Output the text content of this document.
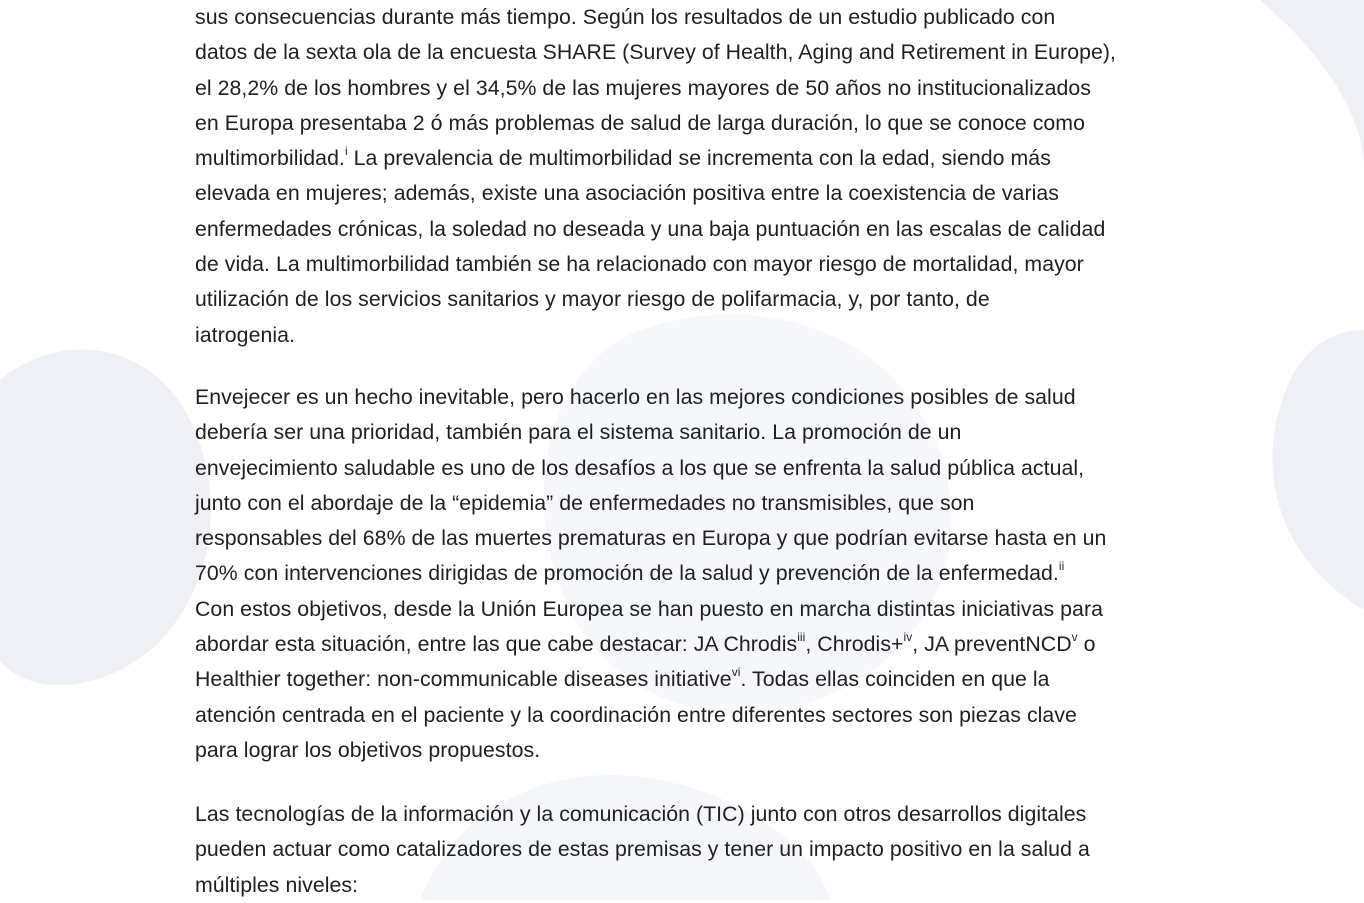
sus consecuencias durante más tiempo. Según los resultados de un estudio publicado con
datos de la sexta ola de la encuesta SHARE (Survey of Health, Aging and Retirement in Europe),
el 28,2% de los hombres y el 34,5% de las mujeres mayores de 50 años no institucionalizados
en Europa presentaba 2 ó más problemas de salud de larga duración, lo que se conoce como
multimorbilidad.$^i$ La prevalencia de multimorbilidad se incrementa con la edad, siendo más
elevada en mujeres; además, existe una asociación positiva entre la coexistencia de varias
enfermedades crónicas, la soledad no deseada y una baja puntuación en las escalas de calidad
de vida. La multimorbilidad también se ha relacionado con mayor riesgo de mortalidad, mayor
utilización de los servicios sanitarios y mayor riesgo de polifarmacia, y, por tanto, de
iatrogenia.

Envejecer es un hecho inevitable, pero hacerlo en las mejores condiciones posibles de salud
debería ser una prioridad, también para el sistema sanitario. La promoción de un
envejecimiento saludable es uno de los desafíos a los que se enfrenta la salud pública actual,
junto con el abordaje de la “epidemia” de enfermedades no transmisibles, que son
responsables del 68% de las muertes prematuras en Europa y que podrían evitarse hasta en un
70% con intervenciones dirigidas de promoción de la salud y prevención de la enfermedad.$^{ii}$
Con estos objetivos, desde la Unión Europea se han puesto en marcha distintas iniciativas para
abordar esta situación, entre las que cabe destacar: JA Chrodis$^{iii}$, Chrodis+$^{iv}$, JA preventNCD$^v$ o
Healthier together: non-communicable diseases initiative$^{vi}$. Todas ellas coinciden en que la
atención centrada en el paciente y la coordinación entre diferentes sectores son piezas clave
para lograr los objetivos propuestos.

Las tecnologías de la información y la comunicación (TIC) junto con otros desarrollos digitales
pueden actuar como catalizadores de estas premisas y tener un impacto positivo en la salud a
múltiples niveles:
